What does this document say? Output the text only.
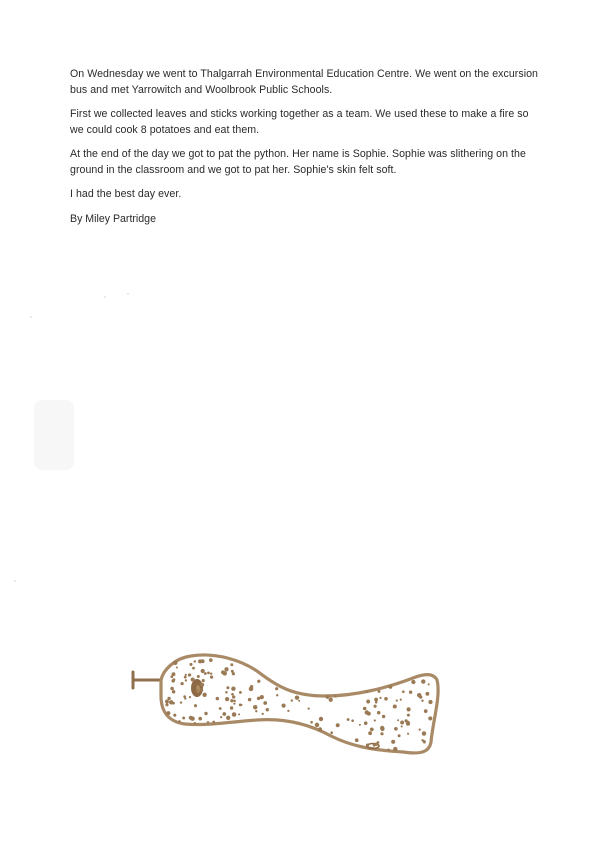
On Wednesday we went to Thalgarrah Environmental Education Centre. We went on the excursion bus and met Yarrowitch and Woolbrook Public Schools.

First we collected leaves and sticks working together as a team. We used these to make a fire so we could cook 8 potatoes and eat them.

At the end of the day we got to pat the python. Her name is Sophie. Sophie was slithering on the ground in the classroom and we got to pat her. Sophie's skin felt soft.

I had the best day ever.

By Miley Partridge
